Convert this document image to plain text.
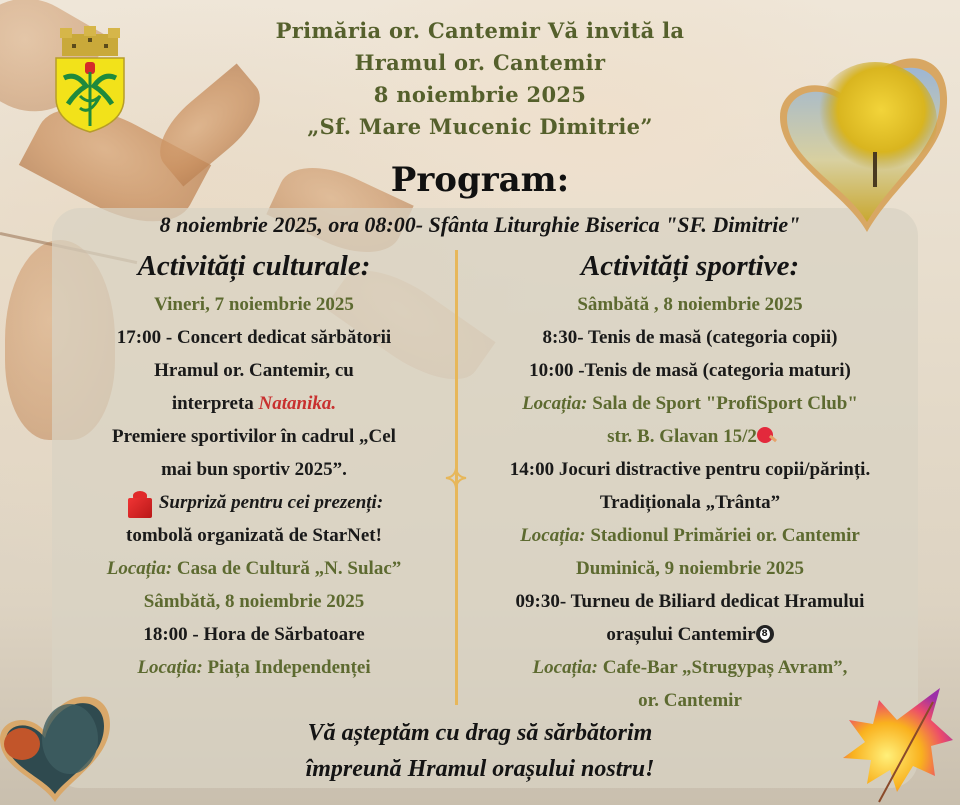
Primăria or. Cantemir Vă invită la
Hramul or. Cantemir
8 noiembrie 2025
„Sf. Mare Mucenic Dimitrie”
Program:
8 noiembrie 2025, ora 08:00- Sfânta Liturghie Biserica "SF. Dimitrie"
Activități culturale:
Vineri, 7 noiembrie 2025
17:00 - Concert dedicat sărbătorii
Hramul or. Cantemir, cu
interpreta Natanika.
Premiere sportivilor în cadrul „Cel
mai bun sportiv 2025”.
Surpriză pentru cei prezenți:
tombolă organizată de StarNet!
Locația: Casa de Cultură „N. Sulac”
Sâmbătă, 8 noiembrie 2025
18:00 - Hora de Sărbatoare
Locația: Piața Independenței
Activități sportive:
Sâmbătă , 8 noiembrie 2025
8:30- Tenis de masă (categoria copii)
10:00 -Tenis de masă (categoria maturi)
Locația: Sala de Sport "ProfiSport Club"
str. B. Glavan 15/2
14:00 Jocuri distractive pentru copii/părinți.
Tradiționala „Trânta”
Locația: Stadionul Primăriei or. Cantemir
Duminică, 9 noiembrie 2025
09:30- Turneu de Biliard dedicat Hramului
orașului Cantemir8
Locația: Cafe-Bar „Strugураș Avram”,
or. Cantemir
Vă așteptăm cu drag să sărbătorim
împreună Hramul orașului nostru!
